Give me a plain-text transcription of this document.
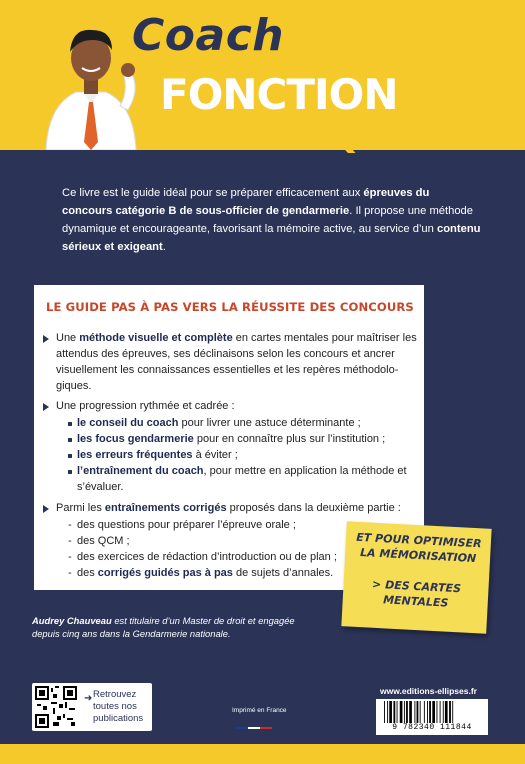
Coach
FONCTION
PUBLIQUE
Ce livre est le guide idéal pour se préparer efficacement aux épreuves du concours catégorie B de sous-officier de gendarmerie. Il propose une méthode dynamique et encourageante, favorisant la mémoire active, au service d’un contenu sérieux et exigeant.
LE GUIDE PAS À PAS VERS LA RÉUSSITE DES CONCOURS
Une méthode visuelle et complète en cartes mentales pour maîtriser les attendus des épreuves, ses déclinaisons selon les concours et ancrer visuellement les connaissances essentielles et les repères méthodolo-giques.
Une progression rythmée et cadrée :
le conseil du coach pour livrer une astuce déterminante ;
les focus gendarmerie pour en connaître plus sur l’institution ;
les erreurs fréquentes à éviter ;
l’entraînement du coach, pour mettre en application la méthode et s’évaluer.
Parmi les entraînements corrigés proposés dans la deuxième partie :
- des questions pour préparer l’épreuve orale ;
- des QCM ;
- des exercices de rédaction d’introduction ou de plan ;
- des corrigés guidés pas à pas de sujets d’annales.
ET POUR OPTIMISER
LA MÉMORISATION
> DES CARTES
MENTALES
Audrey Chauveau est titulaire d’un Master de droit et engagée depuis cinq ans dans la Gendarmerie nationale.
➜ Retrouvez toutes nos publications
Imprimé en France
www.editions-ellipses.fr
9 782340 111844
